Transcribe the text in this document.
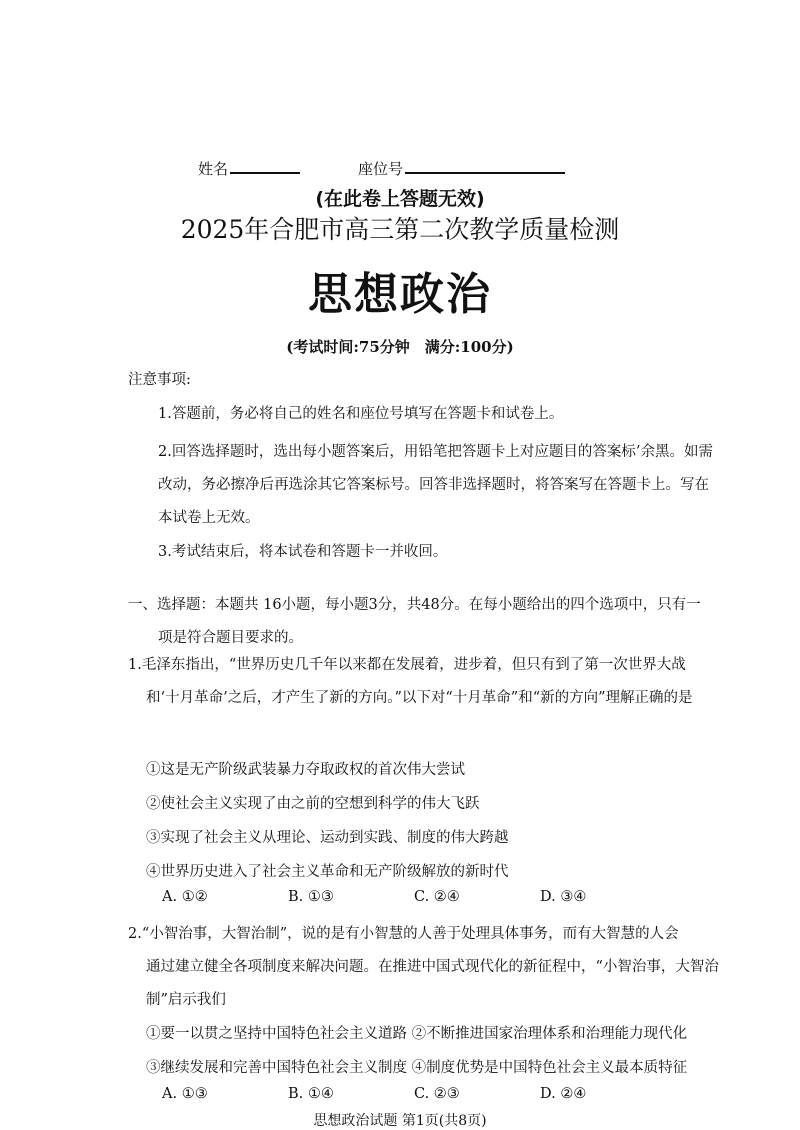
姓名	座位号
(在此卷上答题无效)
2025年合肥市高三第二次教学质量检测
思想政治
(考试时间:75分钟　满分:100分)
注意事项:
1.答题前，务必将自己的姓名和座位号填写在答题卡和试卷上。
2.回答选择题时，选出每小题答案后，用铅笔把答题卡上对应题目的答案标’余黑。如需改动，务必擦净后再选涂其它答案标号。回答非选择题时，将答案写在答题卡上。写在本试卷上无效。
3.考试结束后，将本试卷和答题卡一并收回。
一、选择题：本题共 16小题，每小题3分，共48分。在每小题给出的四个选项中，只有一
项是符合题目要求的。
1.毛泽东指出，“世界历史几千年以来都在发展着，进步着，但只有到了第一次世界大战
和‘十月革命’之后，才产生了新的方向。”以下对“十月革命”和“新的方向”理解正确的是
①这是无产阶级武装暴力夺取政权的首次伟大尝试
②使社会主义实现了由之前的空想到科学的伟大飞跃
③实现了社会主义从理论、运动到实践、制度的伟大跨越
④世界历史进入了社会主义革命和无产阶级解放的新时代
A. ①②	B. ①③	C. ②④	D. ③④
2.“小智治事，大智治制”，说的是有小智慧的人善于处理具体事务，而有大智慧的人会
通过建立健全各项制度来解决问题。在推进中国式现代化的新征程中，“小智治事，大智治制”启示我们
①要一以贯之坚持中国特色社会主义道路 ②不断推进国家治理体系和治理能力现代化
③继续发展和完善中国特色社会主义制度 ④制度优势是中国特色社会主义最本质特征
A. ①③	B. ①④	C. ②③	D. ②④
思想政治试题 第1页(共8页)
